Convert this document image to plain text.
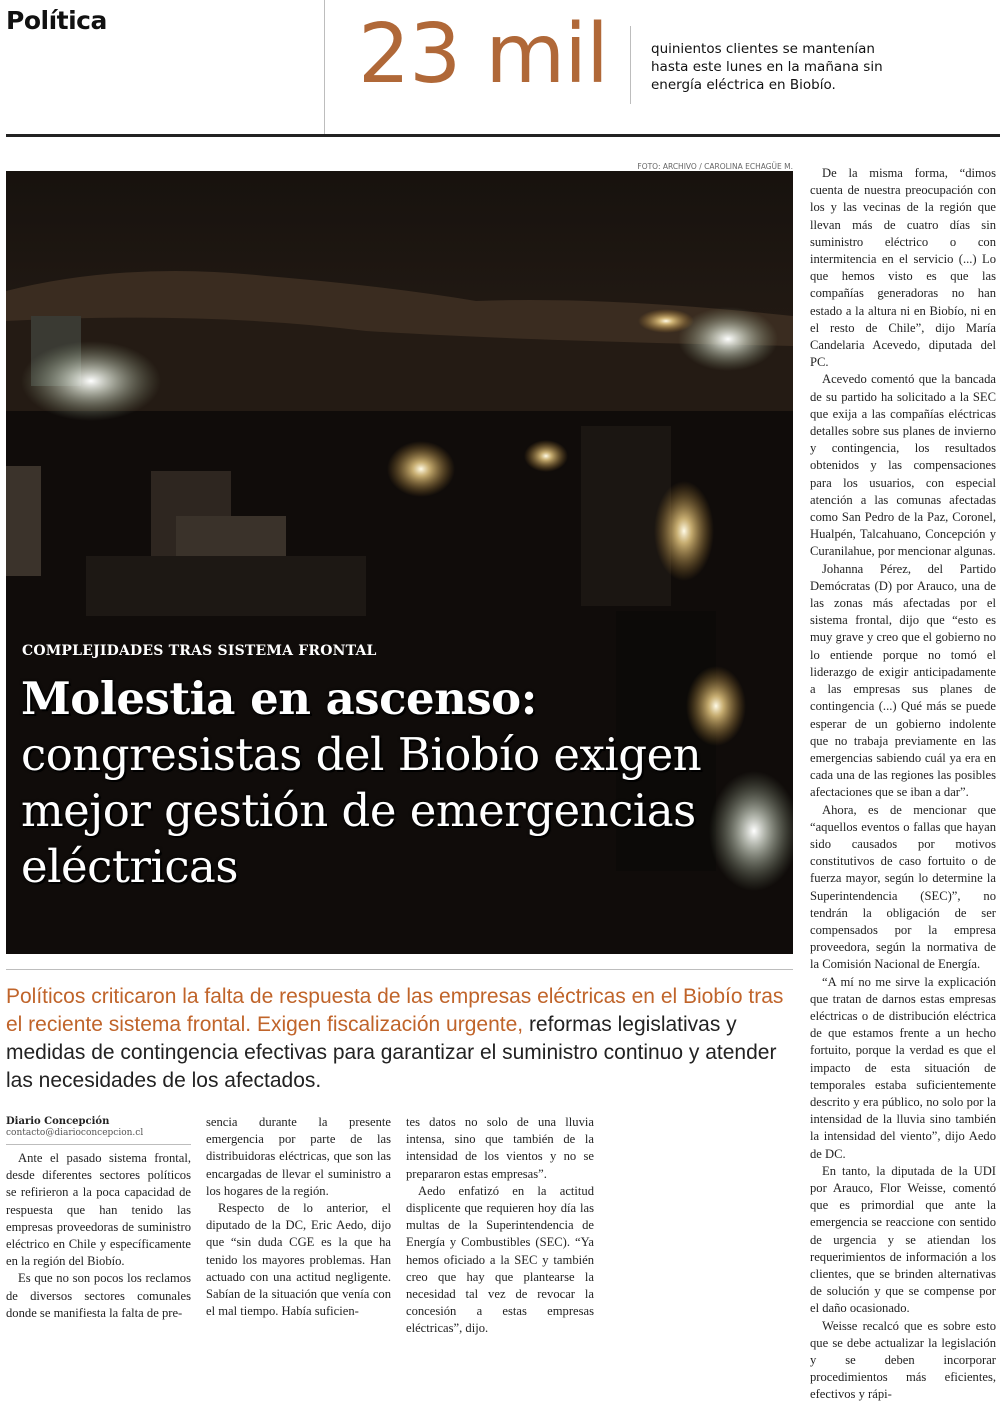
Política	23 mil	quinientos clientes se mantenían hasta este lunes en la mañana sin energía eléctrica en Biobío.
FOTO: ARCHIVO / CAROLINA ECHAGÜE M.
COMPLEJIDADES TRAS SISTEMA FRONTAL
Molestia en ascenso: congresistas del Biobío exigen mejor gestión de emergencias eléctricas
Políticos criticaron la falta de respuesta de las empresas eléctricas en el Biobío tras el reciente sistema frontal. Exigen fiscalización urgente, reformas legislativas y medidas de contingencia efectivas para garantizar el suministro continuo y atender las necesidades de los afectados.
Diario Concepción
contacto@diarioconcepcion.cl

Ante el pasado sistema frontal, desde diferentes sectores políticos se refirieron a la poca capacidad de respuesta que han tenido las empresas proveedoras de suministro eléctrico en Chile y específicamente en la región del Biobío.

Es que no son pocos los reclamos de diversos sectores comunales donde se manifiesta la falta de pre-

sencia durante la presente emergencia por parte de las distribuidoras eléctricas, que son las encargadas de llevar el suministro a los hogares de la región.

Respecto de lo anterior, el diputado de la DC, Eric Aedo, dijo que “sin duda CGE es la que ha tenido los mayores problemas. Han actuado con una actitud negligente. Sabían de la situación que venía con el mal tiempo. Había suficien-

tes datos no solo de una lluvia intensa, sino que también de la intensidad de los vientos y no se prepararon estas empresas”.

Aedo enfatizó en la actitud displicente que requieren hoy día las multas de la Superintendencia de Energía y Combustibles (SEC). “Ya hemos oficiado a la SEC y también creo que hay que plantearse la necesidad tal vez de revocar la concesión a estas empresas eléctricas”, dijo.

De la misma forma, “dimos cuenta de nuestra preocupación con los y las vecinas de la región que llevan más de cuatro días sin suministro eléctrico o con intermitencia en el servicio (...) Lo que hemos visto es que las compañías generadoras no han estado a la altura ni en Biobío, ni en el resto de Chile”, dijo María Candelaria Acevedo, diputada del PC.

Acevedo comentó que la bancada de su partido ha solicitado a la SEC que exija a las compañías eléctricas detalles sobre sus planes de invierno y contingencia, los resultados obtenidos y las compensaciones para los usuarios, con especial atención a las comunas afectadas como San Pedro de la Paz, Coronel, Hualpén, Talcahuano, Concepción y Curanilahue, por mencionar algunas.

Johanna Pérez, del Partido Demócratas (D) por Arauco, una de las zonas más afectadas por el sistema frontal, dijo que “esto es muy grave y creo que el gobierno no lo entiende porque no tomó el liderazgo de exigir anticipadamente a las empresas sus planes de contingencia (...) Qué más se puede esperar de un gobierno indolente que no trabaja previamente en las emergencias sabiendo cuál ya era en cada una de las regiones las posibles afectaciones que se iban a dar”.

Ahora, es de mencionar que “aquellos eventos o fallas que hayan sido causados por motivos constitutivos de caso fortuito o de fuerza mayor, según lo determine la Superintendencia (SEC)”, no tendrán la obligación de ser compensados por la empresa proveedora, según la normativa de la Comisión Nacional de Energía.

“A mí no me sirve la explicación que tratan de darnos estas empresas eléctricas o de distribución eléctrica de que estamos frente a un hecho fortuito, porque la verdad es que el impacto de esta situación de temporales estaba suficientemente descrito y era público, no solo por la intensidad de la lluvia sino también la intensidad del viento”, dijo Aedo de DC.

En tanto, la diputada de la UDI por Arauco, Flor Weisse, comentó que es primordial que ante la emergencia se reaccione con sentido de urgencia y se atiendan los requerimientos de información a los clientes, que se brinden alternativas de solución y que se compense por el daño ocasionado.

Weisse recalcó que es sobre esto que se debe actualizar la legislación y se deben incorporar procedimientos más eficientes, efectivos y rápi-
